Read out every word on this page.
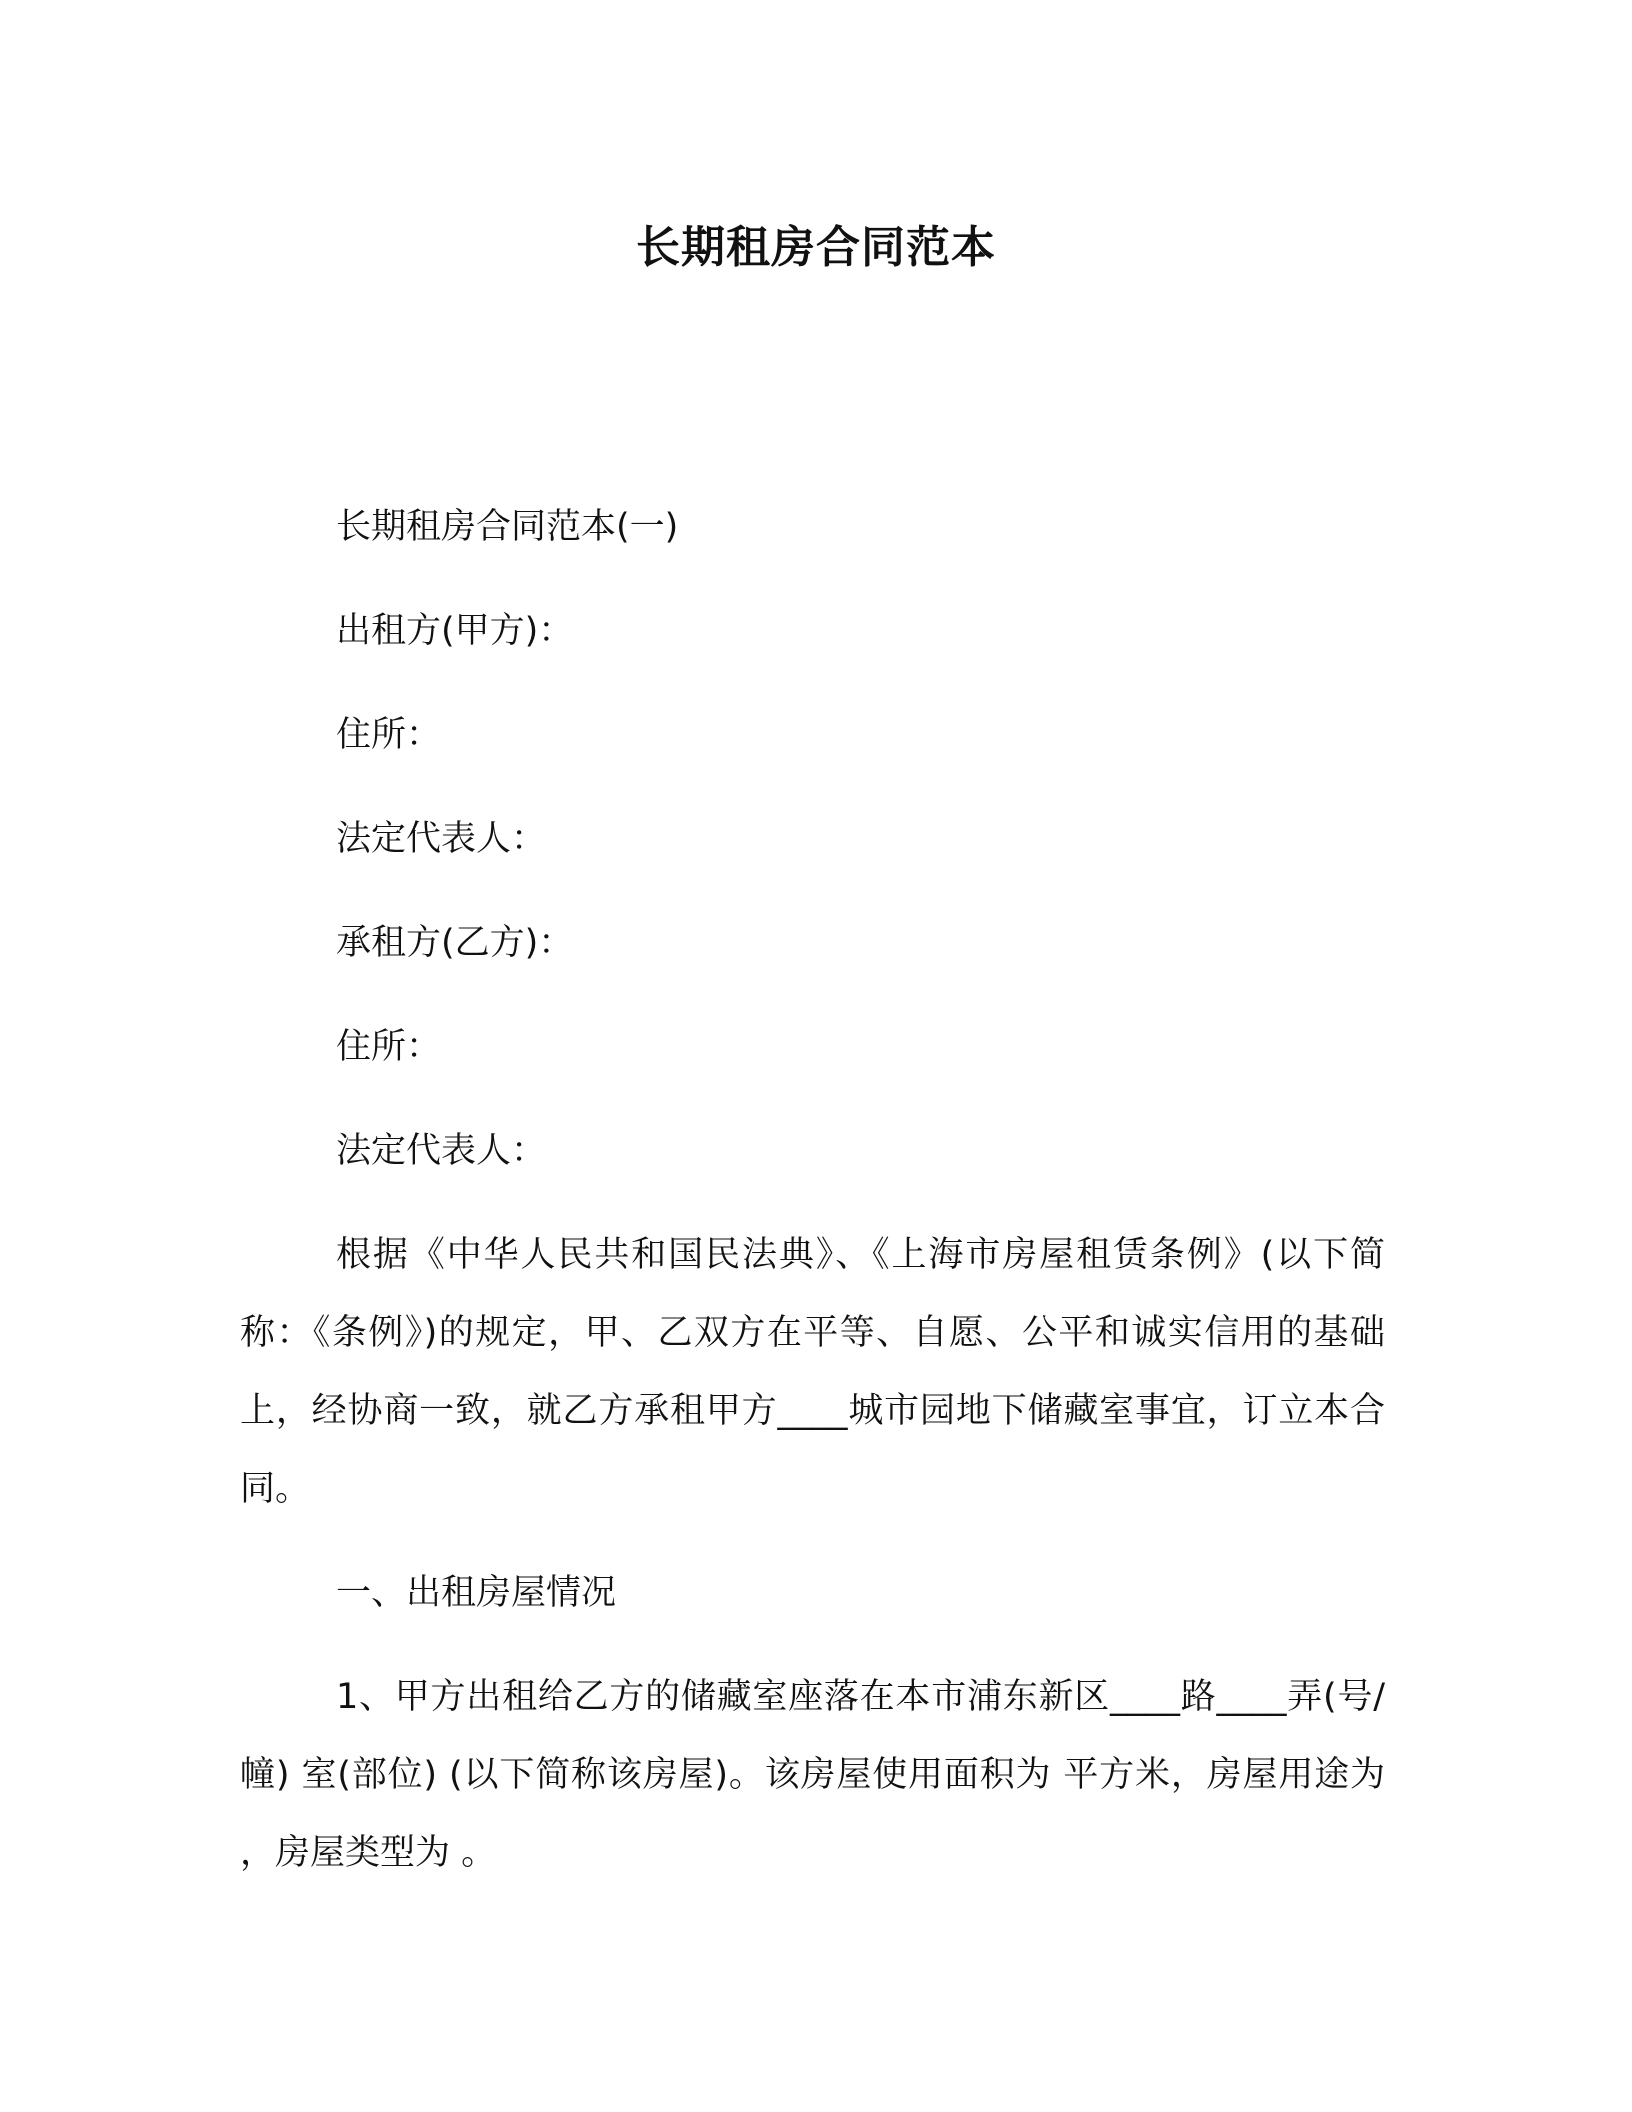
长期租房合同范本
长期租房合同范本(一)
出租方(甲方)：
住所：
法定代表人：
承租方(乙方)：
住所：
法定代表人：

根据《中华人民共和国民法典》、《上海市房屋租赁条例》(以下简称：《条例》)的规定，甲、乙双方在平等、自愿、公平和诚实信用的基础上，经协商一致，就乙方承租甲方____城市园地下储藏室事宜，订立本合同。

一、出租房屋情况

1、甲方出租给乙方的储藏室座落在本市浦东新区____路____弄(号/幢) 室(部位) (以下简称该房屋)。该房屋使用面积为 平方米，房屋用途为 ，房屋类型为 。
